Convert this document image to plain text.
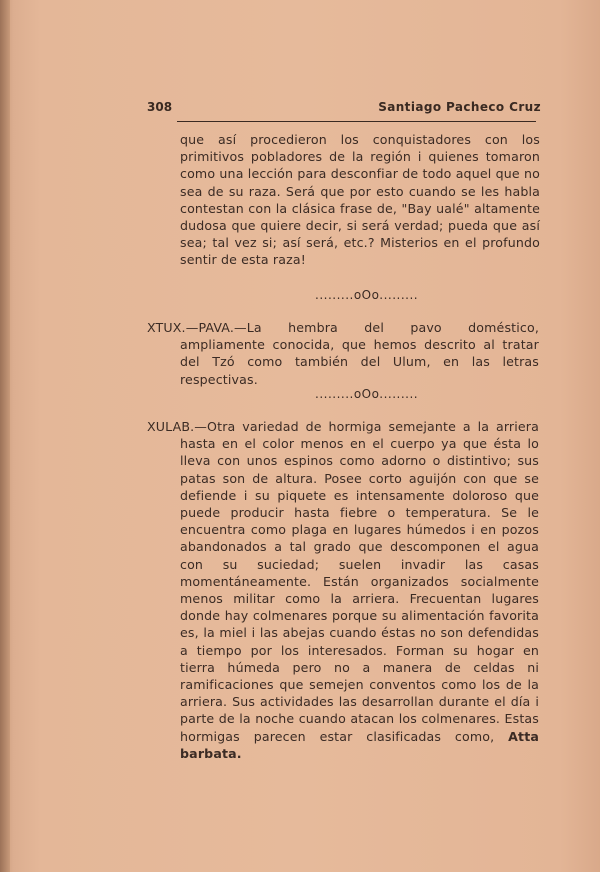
308	Santiago Pacheco Cruz
que así procedieron los conquistadores con los primitivos pobladores de la región i quienes tomaron como una lección para desconfiar de todo aquel que no sea de su raza. Será que por esto cuando se les habla contestan con la clásica frase de, "Bay ualé" altamente dudosa que quiere decir, si será verdad; pueda que así sea; tal vez si; así será, etc.? Misterios en el profundo sentir de esta raza!
.........oOo.........
XTUX.—PAVA.—La hembra del pavo doméstico, ampliamente conocida, que hemos descrito al tratar del Tzó como también del Ulum, en las letras respectivas.
.........oOo.........
XULAB.—Otra variedad de hormiga semejante a la arriera hasta en el color menos en el cuerpo ya que ésta lo lleva con unos espinos como adorno o distintivo; sus patas son de altura. Posee corto aguijón con que se defiende i su piquete es intensamente doloroso que puede producir hasta fiebre o temperatura. Se le encuentra como plaga en lugares húmedos i en pozos abandonados a tal grado que descomponen el agua con su suciedad; suelen invadir las casas momentáneamente. Están organizados socialmente menos militar como la arriera. Frecuentan lugares donde hay colmenares porque su alimentación favorita es, la miel i las abejas cuando éstas no son defendidas a tiempo por los interesados. Forman su hogar en tierra húmeda pero no a manera de celdas ni ramificaciones que semejen conventos como los de la arriera. Sus actividades las desarrollan durante el día i parte de la noche cuando atacan los colmenares. Estas hormigas parecen estar clasificadas como, Atta barbata.
